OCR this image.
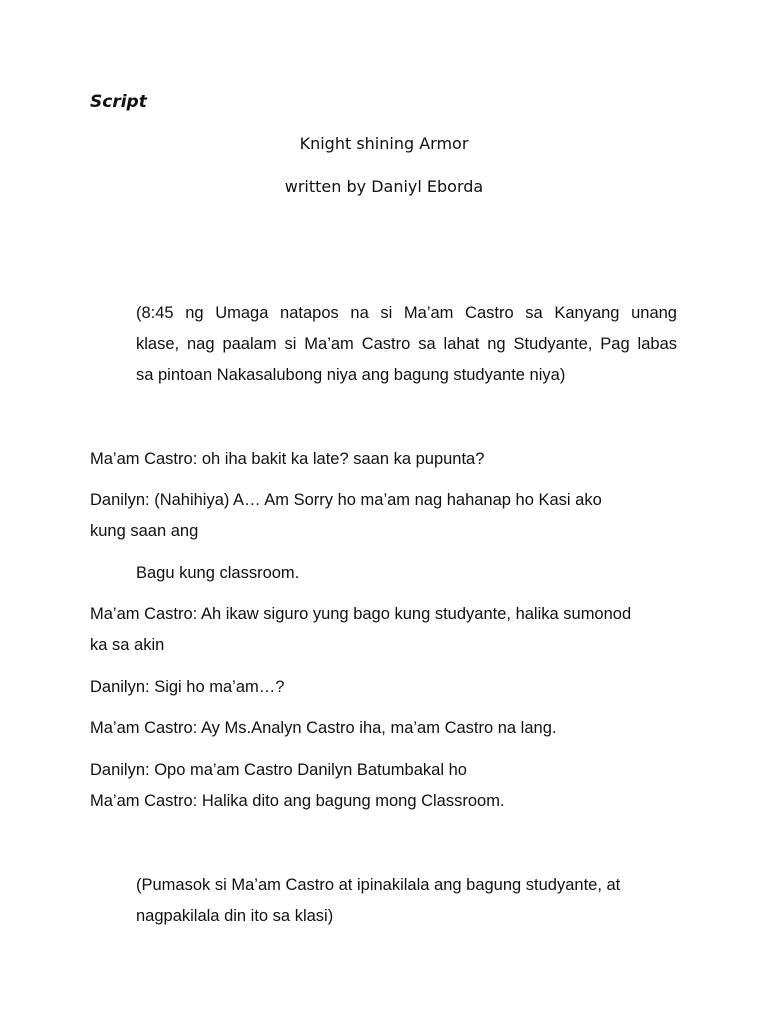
Script

Knight shining Armor

written by Daniyl Eborda

(8:45 ng Umaga natapos na si Ma’am Castro sa Kanyang unang
klase, nag paalam si Ma’am Castro sa lahat ng Studyante, Pag labas
sa pintoan Nakasalubong niya ang bagung studyante niya)

Ma’am Castro: oh iha bakit ka late? saan ka pupunta?

Danilyn: (Nahihiya) A… Am Sorry ho ma’am nag hahanap ho Kasi ako

kung saan ang

Bagu kung classroom.

Ma’am Castro: Ah ikaw siguro yung bago kung studyante, halika sumonod

ka sa akin

Danilyn: Sigi ho ma’am…?

Ma’am Castro: Ay Ms.Analyn Castro iha, ma’am Castro na lang.

Danilyn: Opo ma’am Castro Danilyn Batumbakal ho

Ma’am Castro: Halika dito ang bagung mong Classroom.

(Pumasok si Ma’am Castro at ipinakilala ang bagung studyante, at

nagpakilala din ito sa klasi)
